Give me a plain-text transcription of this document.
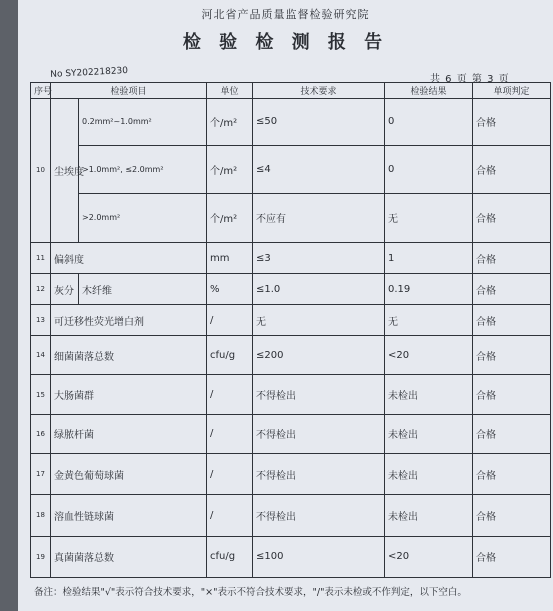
河北省产品质量监督检验研究院
检 验 检 测 报 告
No SY202218230	共 6 页 第 3 页
序号	检验项目		单位	技术要求	检验结果	单项判定
10	尘埃度	0.2mm²~1.0mm²	个/m²	≤50	0	合格
		>1.0mm², ≤2.0mm²	个/m²	≤4	0	合格
		>2.0mm²	个/m²	不应有	无	合格
11	偏斜度		mm	≤3	1	合格
12	灰分	木纤维	%	≤1.0	0.19	合格
13	可迁移性荧光增白剂		/	无	无	合格
14	细菌菌落总数		cfu/g	≤200	<20	合格
15	大肠菌群		/	不得检出	未检出	合格
16	绿脓杆菌		/	不得检出	未检出	合格
17	金黄色葡萄球菌		/	不得检出	未检出	合格
18	溶血性链球菌		/	不得检出	未检出	合格
19	真菌菌落总数		cfu/g	≤100	<20	合格
备注：检验结果"√"表示符合技术要求，"×"表示不符合技术要求，"/"表示未检或不作判定，以下空白。
